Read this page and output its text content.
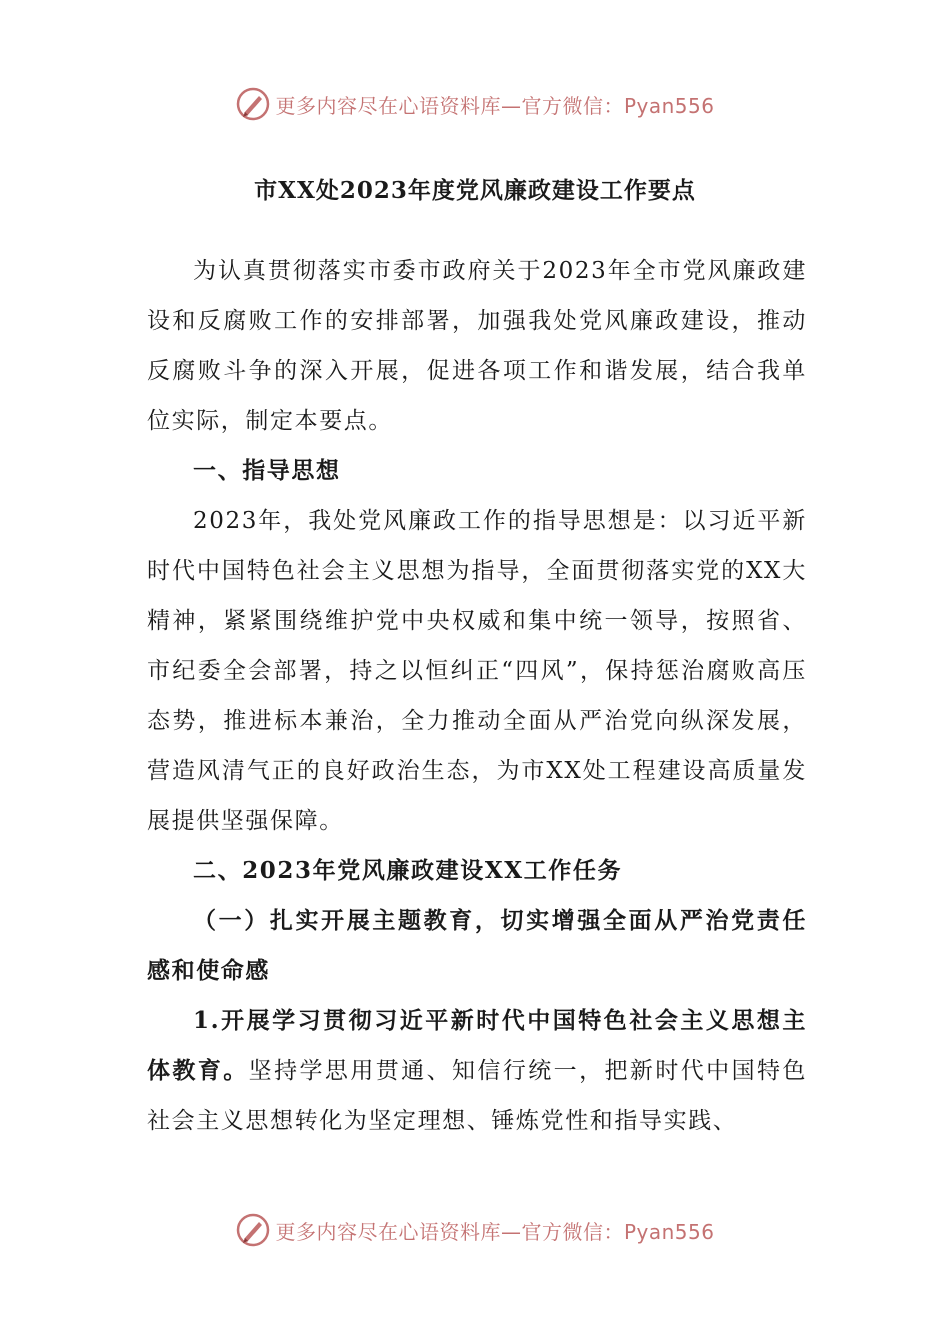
更多内容尽在心语资料库—官方微信：Pyan556
市XX处2023年度党风廉政建设工作要点

为认真贯彻落实市委市政府关于2023年全市党风廉政建设和反腐败工作的安排部署，加强我处党风廉政建设，推动反腐败斗争的深入开展，促进各项工作和谐发展，结合我单位实际，制定本要点。

一、指导思想

2023年，我处党风廉政工作的指导思想是：以习近平新时代中国特色社会主义思想为指导，全面贯彻落实党的XX大精神，紧紧围绕维护党中央权威和集中统一领导，按照省、市纪委全会部署，持之以恒纠正“四风”，保持惩治腐败高压态势，推进标本兼治，全力推动全面从严治党向纵深发展，营造风清气正的良好政治生态，为市XX处工程建设高质量发展提供坚强保障。

二、2023年党风廉政建设XX工作任务

（一）扎实开展主题教育，切实增强全面从严治党责任感和使命感

1.开展学习贯彻习近平新时代中国特色社会主义思想主体教育。坚持学思用贯通、知信行统一，把新时代中国特色社会主义思想转化为坚定理想、锤炼党性和指导实践、

更多内容尽在心语资料库—官方微信：Pyan556
